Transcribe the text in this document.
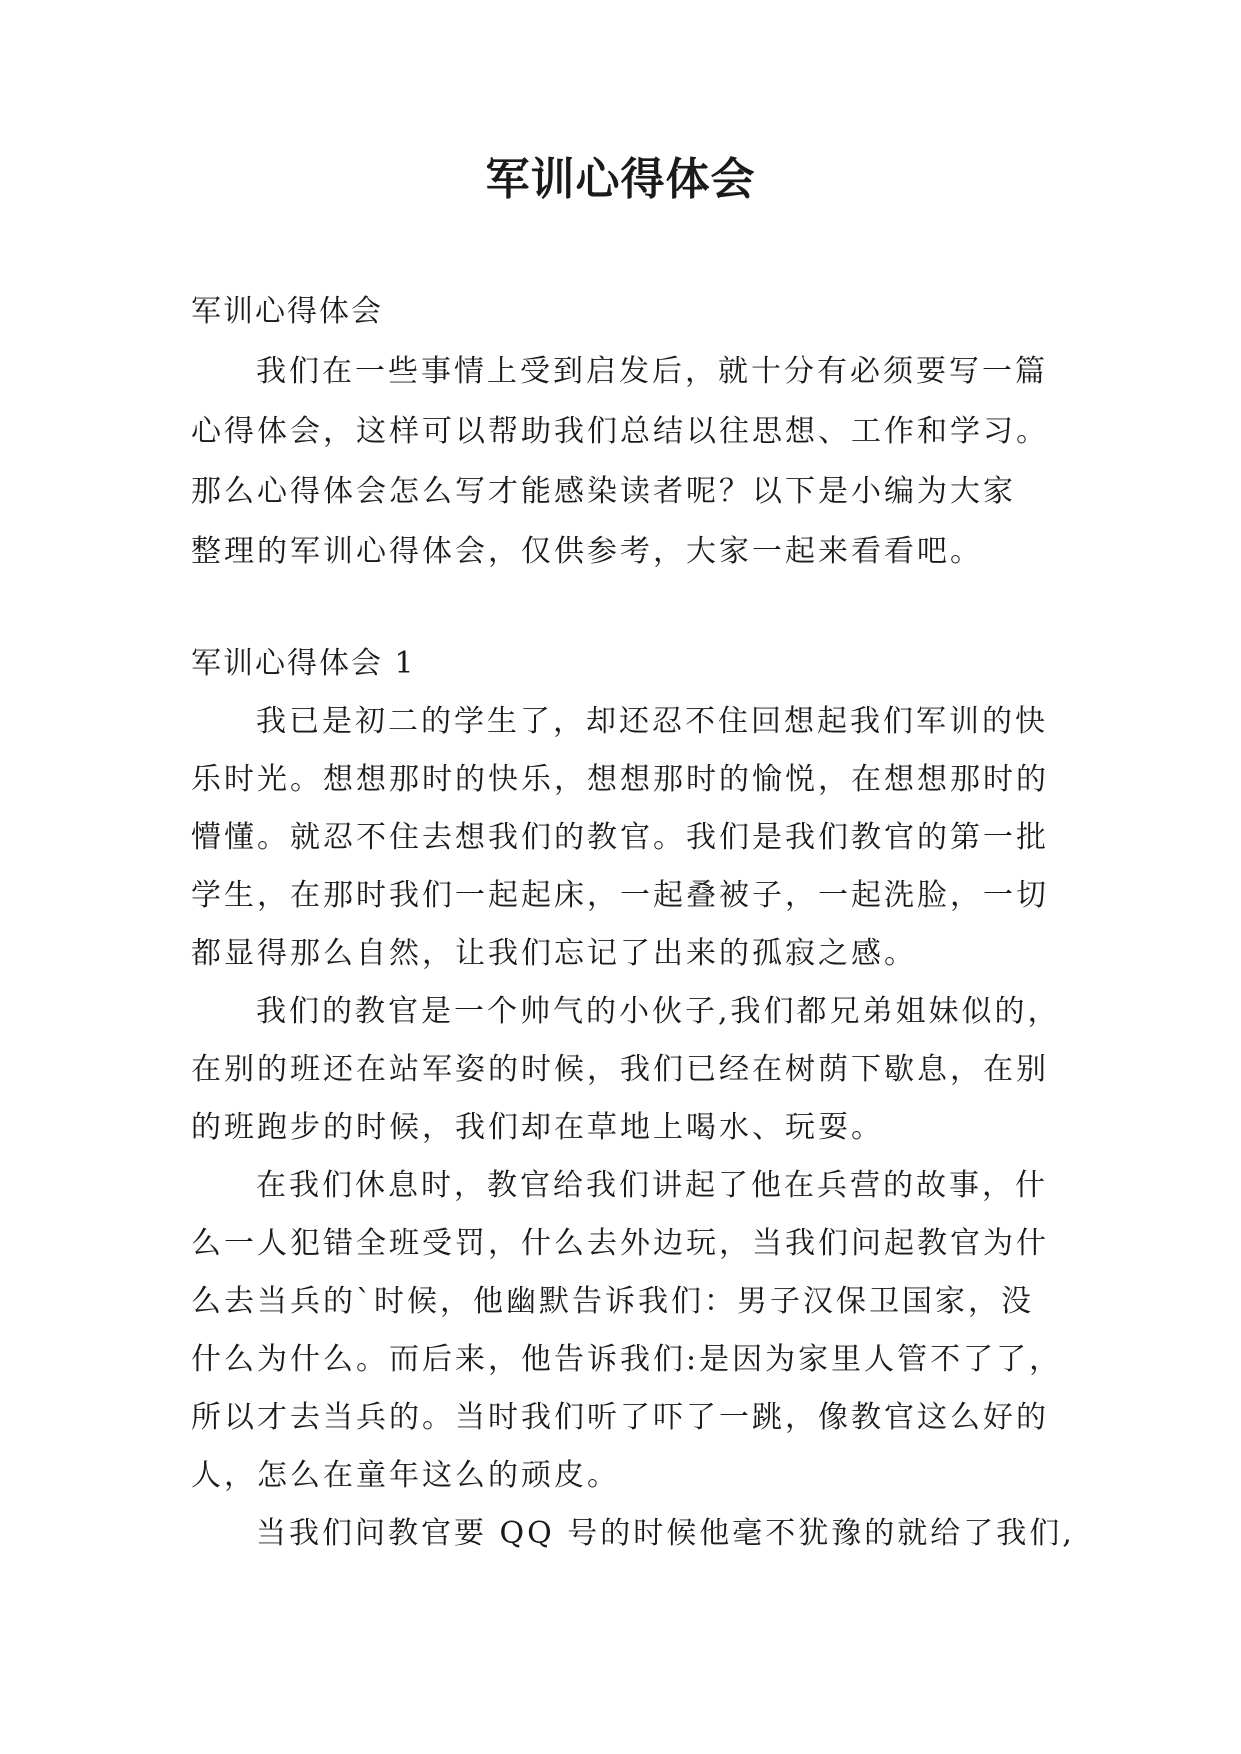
军训心得体会
军训心得体会
我们在一些事情上受到启发后，就十分有必须要写一篇
心得体会，这样可以帮助我们总结以往思想、工作和学习。
那么心得体会怎么写才能感染读者呢？以下是小编为大家
整理的军训心得体会，仅供参考，大家一起来看看吧。
军训心得体会 1
我已是初二的学生了，却还忍不住回想起我们军训的快
乐时光。想想那时的快乐，想想那时的愉悦，在想想那时的
懵懂。就忍不住去想我们的教官。我们是我们教官的第一批
学生，在那时我们一起起床，一起叠被子，一起洗脸，一切
都显得那么自然，让我们忘记了出来的孤寂之感。
我们的教官是一个帅气的小伙子,我们都兄弟姐妹似的，
在别的班还在站军姿的时候，我们已经在树荫下歇息，在别
的班跑步的时候，我们却在草地上喝水、玩耍。
在我们休息时，教官给我们讲起了他在兵营的故事，什
么一人犯错全班受罚，什么去外边玩，当我们问起教官为什
么去当兵的`时候，他幽默告诉我们：男子汉保卫国家，没
什么为什么。而后来，他告诉我们:是因为家里人管不了了，
所以才去当兵的。当时我们听了吓了一跳，像教官这么好的
人，怎么在童年这么的顽皮。
当我们问教官要 QQ 号的时候他毫不犹豫的就给了我们,
